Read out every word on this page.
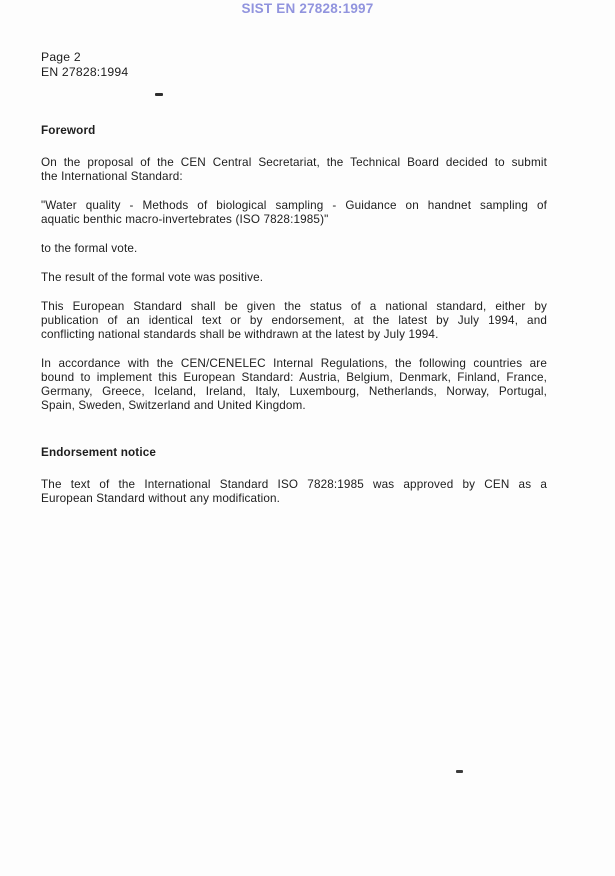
SIST EN 27828:1997
Page 2
EN 27828:1994
Foreword
On the proposal of the CEN Central Secretariat, the Technical Board decided to submit
the International Standard:
"Water quality - Methods of biological sampling - Guidance on handnet sampling of
aquatic benthic macro-invertebrates (ISO 7828:1985)"
to the formal vote.
The result of the formal vote was positive.
This European Standard shall be given the status of a national standard, either by
publication of an identical text or by endorsement, at the latest by July 1994, and
conflicting national standards shall be withdrawn at the latest by July 1994.
In accordance with the CEN/CENELEC Internal Regulations, the following countries are
bound to implement this European Standard: Austria, Belgium, Denmark, Finland, France,
Germany, Greece, Iceland, Ireland, Italy, Luxembourg, Netherlands, Norway, Portugal,
Spain, Sweden, Switzerland and United Kingdom.
Endorsement notice
The text of the International Standard ISO 7828:1985 was approved by CEN as a
European Standard without any modification.
